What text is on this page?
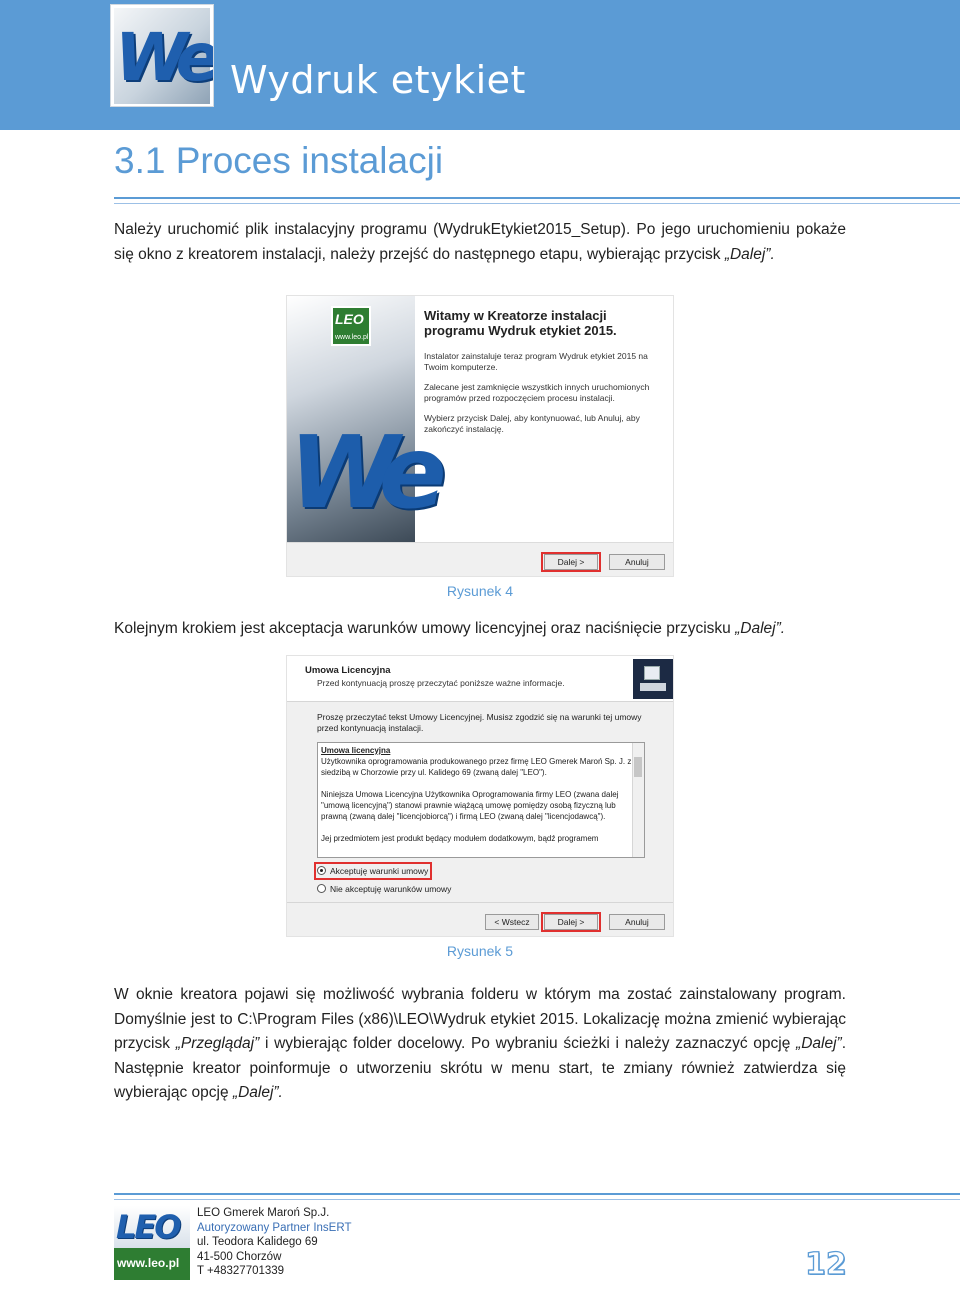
We Wydruk etykiet
3.1 Proces instalacji
Należy uruchomić plik instalacyjny programu (WydrukEtykiet2015_Setup). Po jego uruchomieniu pokaże się okno z kreatorem instalacji, należy przejść do następnego etapu, wybierając przycisk „Dalej”.
LEO
www.leo.pl
We
Witamy w Kreatorze instalacji programu Wydruk etykiet 2015.
Instalator zainstaluje teraz program Wydruk etykiet 2015 na Twoim komputerze.
Zalecane jest zamknięcie wszystkich innych uruchomionych programów przed rozpoczęciem procesu instalacji.
Wybierz przycisk Dalej, aby kontynuować, lub Anuluj, aby zakończyć instalację.
Dalej >	Anuluj
Rysunek 4
Kolejnym krokiem jest akceptacja warunków umowy licencyjnej oraz naciśnięcie przycisku „Dalej”.
Umowa Licencyjna
Przed kontynuacją proszę przeczytać poniższe ważne informacje.
Proszę przeczytać tekst Umowy Licencyjnej. Musisz zgodzić się na warunki tej umowy przed kontynuacją instalacji.
Umowa licencyjna
Użytkownika oprogramowania produkowanego przez firmę LEO Gmerek Maroń Sp. J. z siedzibą w Chorzowie przy ul. Kalidego 69 (zwaną dalej "LEO").

Niniejsza Umowa Licencyjna Użytkownika Oprogramowania firmy LEO (zwana dalej "umową licencyjną") stanowi prawnie wiążącą umowę pomiędzy osobą fizyczną lub prawną (zwaną dalej "licencjobiorcą") i firmą LEO (zwaną dalej "licencjodawcą").

Jej przedmiotem jest produkt będący modułem dodatkowym, bądź programem
Akceptuję warunki umowy
Nie akceptuję warunków umowy
< Wstecz	Dalej >	Anuluj
Rysunek 5
W oknie kreatora pojawi się możliwość wybrania folderu w którym ma zostać zainstalowany program. Domyślnie jest to C:\Program Files (x86)\LEO\Wydruk etykiet 2015. Lokalizację można zmienić wybierając przycisk „Przeglądaj” i wybierając folder docelowy. Po wybraniu ścieżki i należy zaznaczyć opcję „Dalej”. Następnie kreator poinformuje o utworzeniu skrótu w menu start, te zmiany również zatwierdza się wybierając opcję „Dalej”.
LEO
www.leo.pl
LEO Gmerek Maroń Sp.J.
Autoryzowany Partner InsERT
ul. Teodora Kalidego 69
41-500 Chorzów
T +48327701339	12
